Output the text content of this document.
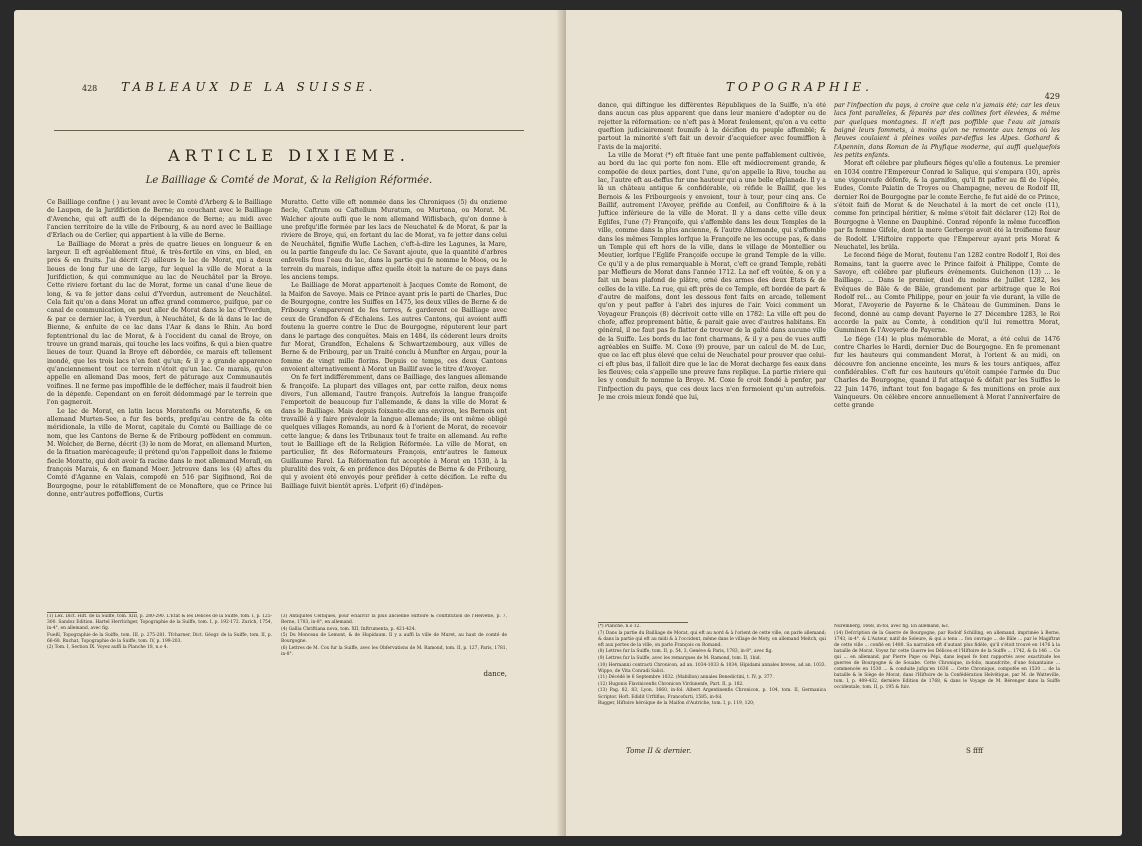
428 TABLEAUX DE LA SUISSE.
ARTICLE DIXIEME.
Le Bailliage & Comté de Morat, & la Religion Réformée.

Ce Bailliage confine ( ) au levant avec le Comté d'Arberg & le Bailliage de Laupen, de la Jurifdiction de Berne; au couchant avec le Bailliage d'Avenche, qui eft auffi de la dépendance de Berne; au midi avec l'ancien territoire de la ville de Fribourg, & au nord avec le Bailliage d'Erlach ou de Cerlier, qui appartient à la ville de Berne.

Le Bailliage de Morat a près de quatre lieues en longueur & en largeur. Il eft agréablement fitué, & très-fertile en vins, en bled, en prés & en fruits. J'ai décrit (2) ailleurs le lac de Morat, qui a deux lieues de long fur une de large, fur lequel la ville de Morat a la Jurifdiction, & qui communique au lac de Neuchâtel par la Broye. Cette riviere fortant du lac de Morat, forme un canal d'une lieue de long, & va fe jetter dans celui d'Yverdun, autrement de Neuchâtel. Cela fait qu'on a dans Morat un affez grand commerce, puifque, par ce canal de communication, on peut aller de Morat dans le lac d'Yverdun, & par ce dernier lac, à Yverdun, à Neuchâtel, & de là dans le lac de Bienne, & enfuite de ce lac dans l'Aar & dans le Rhin. Au bord feptentrional du lac de Morat, & à l'occident du canal de Broye, on trouve un grand marais, qui touche les lacs voifins, & qui a bien quatre lieues de tour. Quand la Broye eft débordée, ce marais eft tellement inondé, que les trois lacs n'en font qu'un; & il y a grande apparence qu'anciennement tout ce terrein n'étoit qu'un lac. Ce marais, qu'on appelle en allemand Das moos, fert de pâturage aux Communautés voifines. Il ne ferme pas impoffible de le deffécher, mais il faudroit bien de la dépenfe. Cependant on en feroit dédommagé par le terrein que l'on gagneroit.

Le lac de Morat, en latin lacus Moratenfis ou Moratenfis, & en allemand Murten-See, a fur fes bords, prefqu'au centre de fa côte méridionale, la ville de Morat, capitale du Comté ou Bailliage de ce nom, que les Cantons de Berne & de Fribourg poffèdent en commun. M. Wolcher, de Berne, décrit (3) le nom de Morat, en allemand Murten, de la fituation marécageufe; il prétend qu'on l'appelloit dans le fixieme fiecle Moratte, qui doit avoir fa racine dans le mot allemand Morafl, en françois Marais, & en flamand Moer. Jetrouve dans les (4) aftes du Comté d'Aganne en Valais, compofé en 516 par Sigifmond, Roi de Bourgogne, pour le rétabliffement de ce Monaftere, que ce Prince lui donne, entr'autres poffeffions, Curtis

Muratto. Cette ville eft nommée dans les Chroniques (5) du onzieme fiecle, Caftrum ou Caftellum Muratum, ou Murtena, ou Morat. M. Walcher ajoute aufli que le nom allemand Wiflisbach, qu'on donne à une prefqu'ifle formée par les lacs de Neuchatel & de Morat, & par la riviere de Broye, qui, en fortant du lac de Morat, va fe jetter dans celui de Neuchâtel, fignifie Wufle Lachen, c'eft-à-dire les Lagunes, la Mare, ou la partie fangeufe du lac. Ce Savant ajoute, que la quantité d'arbres enfevelis fous l'eau du lac, dans la partie qui fe nomme le Moos, ou le terrein du marais, indique affez quelle étoit la nature de ce pays dans les anciens temps.

Le Bailliage de Morat appartenoit à Jacques Comte de Romont, de la Maifon de Savoye. Mais ce Prince ayant pris le parti de Charles, Duc de Bourgogne, contre les Suiffes en 1475, les deux villes de Berne & de Fribourg s'emparerent de fes terres, & garderent ce Bailliage avec ceux de Grandfon & d'Echalens. Les autres Cantons, qui avoient auffi foutenu la guerre contre le Duc de Bourgogne, réputerent leur part dans le partage des conquêtes. Mais en 1484, ils céderent leurs droits fur Morat, Grandfon, Echalens & Schwartzembourg, aux villes de Berne & de Fribourg, par un Traité conclu à Munfter en Argau, pour la fomme de vingt mille florins. Depuis ce temps, ces deux Cantons envoient alternativement à Morat un Baillif avec le titre d'Avoyer.

On fe fert indifféremment, dans ce Bailliage, des langues allemande & françoife. La plupart des villages ont, par cette raifon, deux noms divers, l'un allemand, l'autre françois. Autrefois la langue françoife l'emportoit de beaucoup fur l'allemande, & dans la ville de Morat & dans le Bailliage. Mais depuis foixante-dix ans environ, les Bernois ont travaillé à y faire prévaloir la langue allemande; ils ont même obligé quelques villages Romands, au nord & à l'orient de Morat, de recevoir cette langue; & dans les Tribunaux tout fe traite en allemand. Au refte tout le Bailliage eft de la Religion Réformée. La ville de Morat, en particulier, fit des Réformateurs François, entr'autres le fameux Guillaume Farel. La Réformation fut acceptée à Morat en 1530, à la pluralité des voix, & en préfence des Députés de Berne & de Fribourg, qui y avoient été envoyés pour préfider à cette décifion. Le refte du Bailliage fuivit bientôt après. L'efprit (6) d'indépen-

(1) Lex. Dict. Hift. de la Suiffe, tom. XIII, p. 280-290. L'Etat & les Délices de la Suiffe, tom. I, p. 125-300. Sandoz Edition. Hartel Herrlichger, Topographie de la Suiffe, tom. I, p. 192-172. Zurich, 1754, in-4°, en allemand, avec fig.
Fueßl, Topographie de la Suiffe, tom. III, p. 275-281. Tfcharner, Dict. Géogr. de la Suiffe, tom. II, p. 66-68. Ruchat, Topographie de la Suiffe, tom. IV, p. 199-203.
(2) Tom. I, Section IX. Voyez auffi la Planche 18, n.o 4.
(3) Antiquités Celtiques, pour éclaircir la plus ancienne Hiftoire & conftitution de l'Helvétie, p. 7, Berne, 1783, in-8°, en allemand.
(4) Gallia Chriftiana nova, tom. XII, Inftrumenta, p. 421-424.
(5) Du Monceau de Lemont, & de Hupidaum. Il y a auffi la ville de Muret, au haut de comté de Bourgogne.
(6) Lettres de M. Cox fur la Suiffe, avec les Obfervations de M. Ramond, tom. II, p. 127, Paris, 1781, in-8°.
dance,
TOPOGRAPHIE.
429

dance, qui diftingue les différentes Républiques de la Suiffe, n'a été dans aucun cas plus apparent que dans leur maniere d'adopter ou de rejetter la réformation: ce n'eft pas à Morat feulement, qu'on a vu cette queftion judiciairement foumife à la décifion du peuple affemblé; & partout la minorité s'eft fait un devoir d'acquiefcer avec foumiffion à l'avis de la majorité.

La ville de Morat (*) eft fituée fant une pente paffablement cultivée, au bord du lac qui porte fon nom. Elle eft médiocrement grande, & compofée de deux parties, dont l'une, qu'on appelle la Rive, touche au lac, l'autre eft au-deffus fur une hauteur qui a une belle efplanade. Il y a là un château antique & confidérable, où réfide le Baillif, que les Bernois & les Fribourgeois y envoient, tour à tour, pour cinq ans. Ce Baillif, autrement l'Avoyer, préfide au Confeil, au Confiftoire & à la Juftice inférieure de la ville de Morat. Il y a dans cette ville deux Eglifes, l'une (7) Françoife, qui s'affemble dans les deux Temples de la ville, comme dans la plus ancienne, & l'autre Allemande, qui s'affemble dans les mêmes Temples lorfque la Françoife ne les occupe pas, & dans un Temple qui eft hors de la ville, dans le village de Montellier ou Meutier, lorfque l'Eglife Françoife occupe le grand Temple de la ville. Ce qu'il y a de plus remarquable à Morat, c'eft ce grand Temple, rebâti par Meffieurs de Morat dans l'année 1712. La nef eft voûtée, & on y a fait un beau plafond de plâtre, orné des armes des deux Etats & de celles de la ville. La rue, qui eft près de ce Temple, eft bordée de part & d'autre de maifons, dont les dessous font faits en arcade, tellement qu'on y peut paffer à l'abri des injures de l'air. Voici comment un Voyageur François (8) décrivoit cette ville en 1782: La ville eft peu de chofe, affez proprement bâtie, & parait gaie avec d'autres habitans. En général, il ne faut pas fe flatter de trouver de la gaîté dans aucune ville de la Suiffe. Les bords du lac font charmans, & il y a peu de vues auffi agréables en Suiffe. M. Coxe (9) prouve, par un calcul de M. de Luc, que ce lac eft plus élevé que celui de Neuchatel pour prouver que celui-ci eft plus bas, il falloit dire que le lac de Morat decharge fes eaux dans les fleuves; cela s'appelle une preuve fans replique. La partie riviere qui les y conduit fe nomme la Broye. M. Coxe fe croit fondé à penfer, par l'infpection du pays, que ces deux lacs n'en formoient qu'un autrefois. Je me crois mieux fondé que lui,

par l'infpection du pays, à croire que cela n'a jamais été; car les deux lacs font paralleles, & féparés par des collines fort élevées, & même par quelques montagnes. Il n'eft pas poffible que l'eau ait jamais baigné leurs fommets, à moins qu'on ne remonte aux temps où les fleuves coulaient à pleines voiles par-deffus les Alpes. Gothard & l'Apennin, dans Roman de la Phyfique moderne, qui auffi quelquefois les petits enfants.

Morat eft célebre par plufieurs fiéges qu'elle a foutenus. Le premier en 1034 contre l'Empereur Conrad le Salique, qui s'empara (10), après une vigoureufe défenfe, & la garnifon, qu'il fit paffer au fil de l'épée, Eudes, Comte Palatin de Troyes ou Champagne, neveu de Rodolf III, dernier Roi de Bourgogne par le comte Eerche, fe fut aidé de ce Prince, s'étoit faifi de Morat & de Neuchatel à la mort de cet oncle (11), comme fon principal héritier, & même s'étoit fait déclarer (12) Roi de Bourgogne à Vienne en Dauphiné. Conrad réponfe la même fucceffion par fa femme Gifele, dont la mere Gerberge avoit été la troifieme fœur de Rodolf. L'Hiftoire rapporte que l'Empereur ayant pris Morat & Neuchatel, les brûla.

Le fecond fiége de Morat, foutenu l'an 1282 contre Rodolf I, Roi des Romains, tant la guerre avec le Prince faifoit à Philippe, Comte de Savoye, eft célébre par plufieurs événements. Guichenon (13) ... le Bailliage. ... Dans le premier, duel du moins de Juillet 1282, les Evêques de Bâle & de Bâle, grandement par arbitrage que le Roi Rodolf rel... au Comte Philippe, pour en jouir fa vie durant, la ville de Morat, l'Avoyerie de Payerne & le Château de Gumminen. Dans le fecond, donné au camp devant Payerne le 27 Décembre 1283, le Roi accorde la paix au Comte, à condition qu'il lui remettra Morat, Gumminen & l'Avoyerie de Payerne.

Le fiége (14) le plus mémorable de Morat, a été celui de 1476 contre Charles le Hardi, dernier Duc de Bourgogne. En fe promenant fur les hauteurs qui commandent Morat, à l'orient & au midi, on découvre fon ancienne enceinte, les murs & les tours antiques, affez confidérables. C'eft fur ces hauteurs qu'étoit campée l'armée du Duc Charles de Bourgogne, quand il fut attaqué & défait par les Suiffes le 22 Juin 1476, inftant tout fon bagage & fes munitions en proie aux Vainqueurs. On célèbre encore annuellement à Morat l'anniverfaire de cette grande

(*) Planche, n.o 12.
(7) Dans la partie du Bailliage de Morat, qui eft au nord & à l'orient de cette ville, on parle allemand; & dans la partie qui eft au midi & à l'occident, même dans le village de Moty, on allemand Meitch, qui eft aux portes de la ville, on parle François ou Romand.
(8) Lettres fur la Suiffe, tom. II, p. 54, 3, Genève & Paris, 1783, in-8°, avec fig.
(9) Lettres fur la Suiffe, avec les remarques de M. Ramond, tom. II, 1bid.
(10) Hermanni contracti Chronicon, ad an. 1034-1033 & 1034, Hipidami annales breves, ad an. 1033. Wippo, de Vita Conradi Salici.
(11) Décédé le 6 Septembre 1032. (Mabillon) annales Benedictini, t. IV, p. 377.
(12) Hugonis Flavinicenfis Chronicon Virdunenfe, Part. II, p. 182.
(13) Pag. 82, 83, Lyon, 1660, in-fol. Albert Argentinenfis Chronicon, p. 104, tom. II, Germanica Scriptor. Hoft. Edidit Urftiflus, Francofurti, 1585, in-fol.
Rugger, Hiftoire héroïque de la Maifon d'Autriche, tom. I, p. 119, 120;
Nuremberg, 1668, in-fol, avec fig. En allemand, &c.
(14) Defcription de la Guerre de Bourgogne, par Rodolf Schilling, en allemand, imprimée à Berne, 1743, in-4°. & L'Auteur, natif de Soleure, & qui a tenu ... fon ouvrage ... de Bâle ... par le Magiftrat de cette ville ... confié en 1480. Sa narration eft d'autant plus fidèle, qu'il s'étoit trouvé en 1476 à la bataille de Morat. Voyez fur cette Guerre les Délices et l'Hiftoire de la Suiffe ... 1742, & fa 146 ... Ce qui ... en allemand, par Pierre Pape ou Pépi, dans lequel fe font rapportés avec exactitude les guerres de Bourgogne & de Souabe. Cette Chronique, in-folio, manufcrite, d'une foixantaine ... commencée en 1530 ... & conduite jufqu'en 1636 ... Cette Chronique, compofée en 1530 ... de la bataille & le Siège de Morat, dans l'Hiftoire de la Confédération Helvétique, par M. de Watteville, tom. I, p. 409-432, dernière Edition de 1768, & dans le Voyage de M. Bérenger dans la Suiffe occidentale, tom. II, p. 195 & fuiv.
Tome II & dernier.	S ffff
